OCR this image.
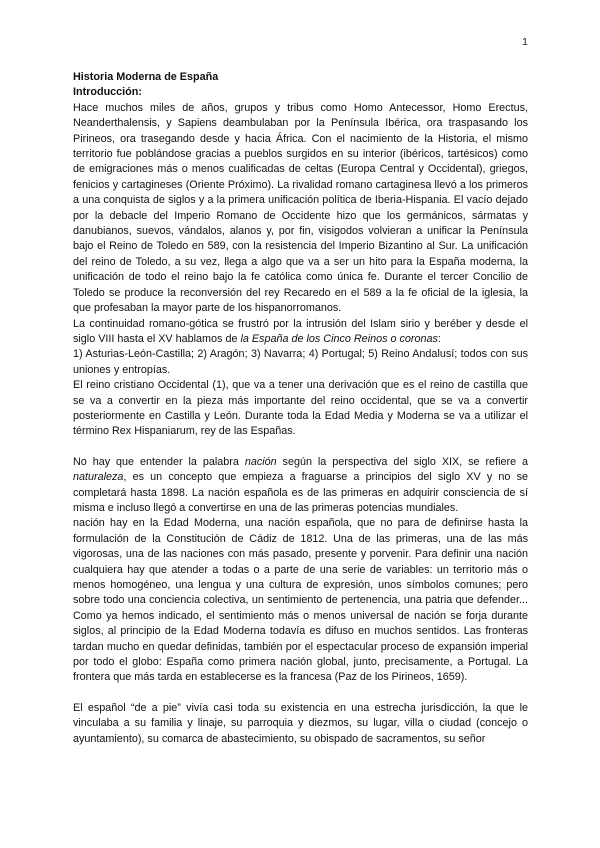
1

Historia Moderna de España

Introducción:

Hace muchos miles de años, grupos y tribus como Homo Antecessor, Homo Erectus, Neanderthalensis, y Sapiens deambulaban por la Península Ibérica, ora traspasando los Pirineos, ora trasegando desde y hacia África. Con el nacimiento de la Historia, el mismo territorio fue poblándose gracias a pueblos surgidos en su interior (ibéricos, tartésicos) como de emigraciones más o menos cualificadas de celtas (Europa Central y Occidental), griegos, fenicios y cartagineses (Oriente Próximo). La rivalidad romano cartaginesa llevó a los primeros a una conquista de siglos y a la primera unificación política de Iberia-Hispania. El vacío dejado por la debacle del Imperio Romano de Occidente hizo que los germánicos, sármatas y danubianos, suevos, vándalos, alanos y, por fin, visigodos volvieran a unificar la Península bajo el Reino de Toledo en 589, con la resistencia del Imperio Bizantino al Sur. La unificación del reino de Toledo, a su vez, llega a algo que va a ser un hito para la España moderna, la unificación de todo el reino bajo la fe católica como única fe. Durante el tercer Concilio de Toledo se produce la reconversión del rey Recaredo en el 589 a la fe oficial de la iglesia, la que profesaban la mayor parte de los hispanorromanos.

La continuidad romano-gótica se frustró por la intrusión del Islam sirio y beréber y desde el siglo VIII hasta el XV hablamos de la España de los Cinco Reinos o coronas:

1) Asturias-León-Castilla; 2) Aragón; 3) Navarra; 4) Portugal; 5) Reino Andalusí; todos con sus uniones y entropías.

El reino cristiano Occidental (1), que va a tener una derivación que es el reino de castilla que se va a convertir en la pieza más importante del reino occidental, que se va a convertir posteriormente en Castilla y León. Durante toda la Edad Media y Moderna se va a utilizar el término Rex Hispaniarum, rey de las Españas.

No hay que entender la palabra nación según la perspectiva del siglo XIX, se refiere a naturaleza, es un concepto que empieza a fraguarse a principios del siglo XV y no se completará hasta 1898. La nación española es de las primeras en adquirir consciencia de sí misma e incluso llegó a convertirse en una de las primeras potencias mundiales.

nación hay en la Edad Moderna, una nación española, que no para de definirse hasta la formulación de la Constitución de Cádiz de 1812. Una de las primeras, una de las más vigorosas, una de las naciones con más pasado, presente y porvenir. Para definir una nación cualquiera hay que atender a todas o a parte de una serie de variables: un territorio más o menos homogéneo, una lengua y una cultura de expresión, unos símbolos comunes; pero sobre todo una conciencia colectiva, un sentimiento de pertenencia, una patria que defender... Como ya hemos indicado, el sentimiento más o menos universal de nación se forja durante siglos, al principio de la Edad Moderna todavía es difuso en muchos sentidos. Las fronteras tardan mucho en quedar definidas, también por el espectacular proceso de expansión imperial por todo el globo: España como primera nación global, junto, precisamente, a Portugal. La frontera que más tarda en establecerse es la francesa (Paz de los Pirineos, 1659).

El español “de a pie” vivía casi toda su existencia en una estrecha jurisdicción, la que le vinculaba a su familia y linaje, su parroquia y diezmos, su lugar, villa o ciudad (concejo o ayuntamiento), su comarca de abastecimiento, su obispado de sacramentos, su señor
